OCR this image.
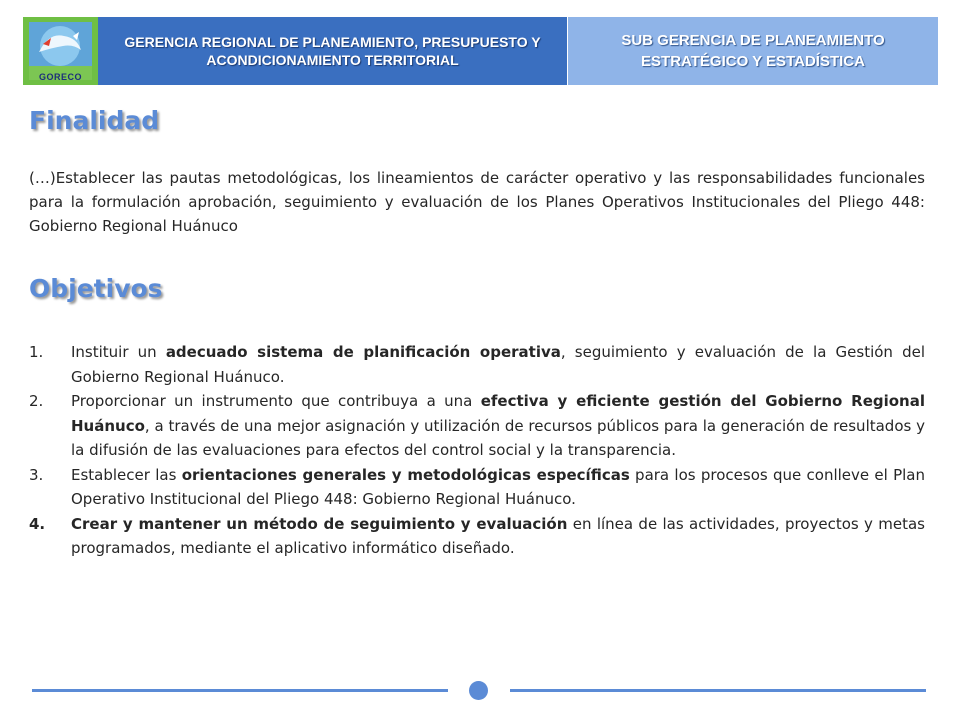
GORECO
GERENCIA REGIONAL DE PLANEAMIENTO, PRESUPUESTO Y ACONDICIONAMIENTO TERRITORIAL
SUB GERENCIA DE PLANEAMIENTO ESTRATÉGICO Y ESTADÍSTICA
Finalidad

(…)Establecer las pautas metodológicas, los lineamientos de carácter operativo y las responsabilidades funcionales para la formulación aprobación, seguimiento y evaluación de los Planes Operativos Institucionales del Pliego 448: Gobierno Regional Huánuco

Objetivos
1.	Instituir un adecuado sistema de planificación operativa, seguimiento y evaluación de la Gestión del Gobierno Regional Huánuco.
2.	Proporcionar un instrumento que contribuya a una efectiva y eficiente gestión del Gobierno Regional Huánuco, a través de una mejor asignación y utilización de recursos públicos para la generación de resultados y la difusión de las evaluaciones para efectos del control social y la transparencia.
3.	Establecer las orientaciones generales y metodológicas específicas para los procesos que conlleve el Plan Operativo Institucional del Pliego 448: Gobierno Regional Huánuco.
4.	Crear y mantener un método de seguimiento y evaluación en línea de las actividades, proyectos y metas programados, mediante el aplicativo informático diseñado.
